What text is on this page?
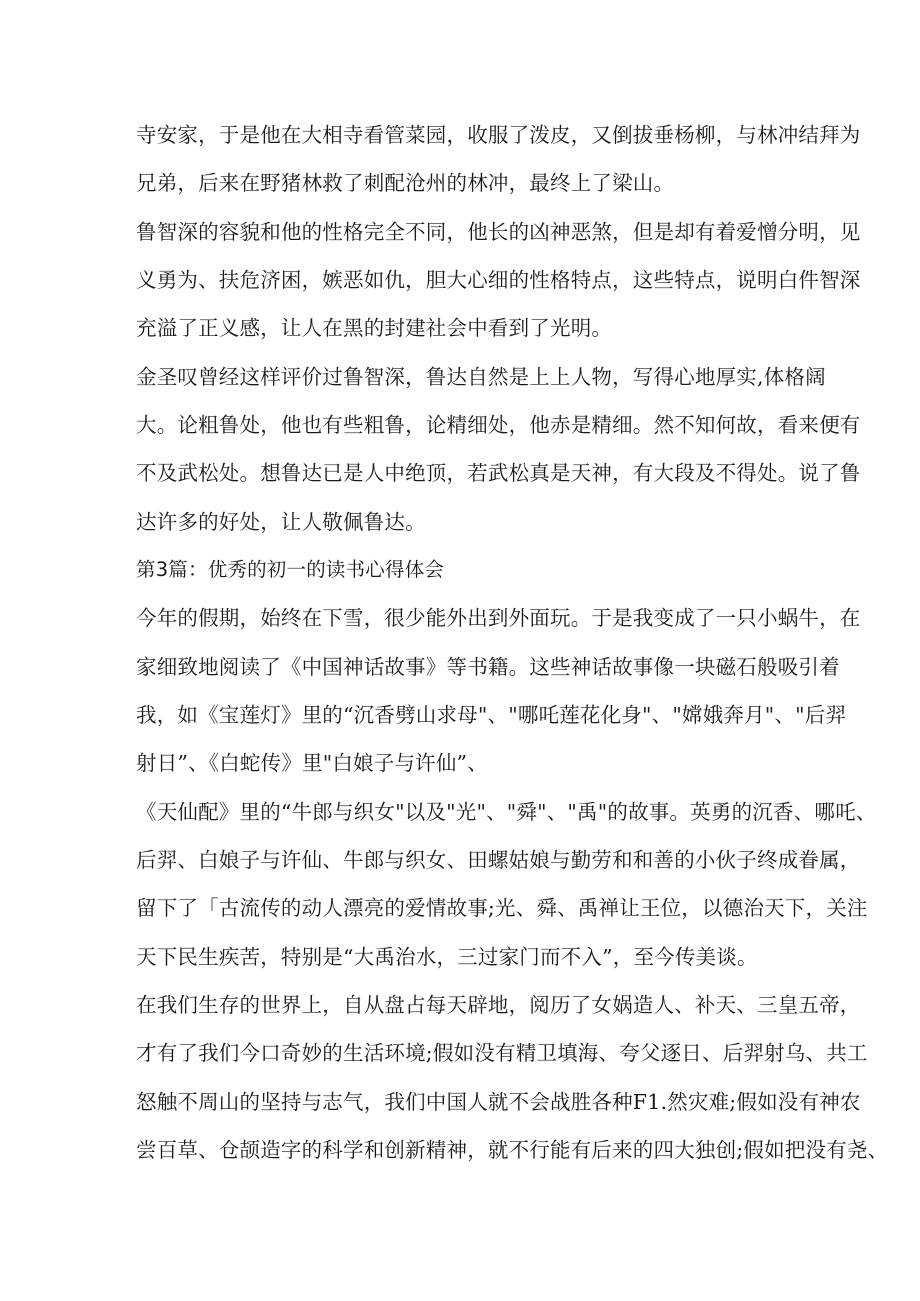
寺安家，于是他在大相寺看管菜园，收服了泼皮，又倒拔垂杨柳，与林冲结拜为
兄弟，后来在野猪林救了刺配沧州的林冲，最终上了梁山。
鲁智深的容貌和他的性格完全不同，他长的凶神恶煞，但是却有着爱憎分明，见
义勇为、扶危济困，嫉恶如仇，胆大心细的性格特点，这些特点，说明白件智深
充溢了正义感，让人在黑的封建社会中看到了光明。
金圣叹曾经这样评价过鲁智深，鲁达自然是上上人物，写得心地厚实,体格阔
大。论粗鲁处，他也有些粗鲁，论精细处，他赤是精细。然不知何故，看来便有
不及武松处。想鲁达已是人中绝顶，若武松真是天神，有大段及不得处。说了鲁
达许多的好处，让人敬佩鲁达。
第3篇：优秀的初一的读书心得体会
今年的假期，始终在下雪，很少能外出到外面玩。于是我变成了一只小蜗牛，在
家细致地阅读了《中国神话故事》等书籍。这些神话故事像一块磁石般吸引着
我，如《宝莲灯》里的“沉香劈山求母"、"哪吒莲花化身"、"嫦娥奔月"、"后羿
射日”、《白蛇传》里"白娘子与许仙”、
《天仙配》里的“牛郎与织女"以及"光"、"舜"、"禹"的故事。英勇的沉香、哪吒、
后羿、白娘子与许仙、牛郎与织女、田螺姑娘与勤劳和和善的小伙子终成眷属，
留下了「古流传的动人漂亮的爱情故事;光、舜、禹禅让王位，以德治天下，关注
天下民生疾苦，特别是“大禹治水，三过家门而不入”，至今传美谈。
在我们生存的世界上，自从盘占每天辟地，阅历了女娲造人、补天、三皇五帝，
才有了我们今口奇妙的生活环境;假如没有精卫填海、夸父逐日、后羿射乌、共工
怒触不周山的坚持与志气，我们中国人就不会战胜各种F1.然灾难;假如没有神农
尝百草、仓颉造字的科学和创新精神，就不行能有后来的四大独创;假如把没有尧、
